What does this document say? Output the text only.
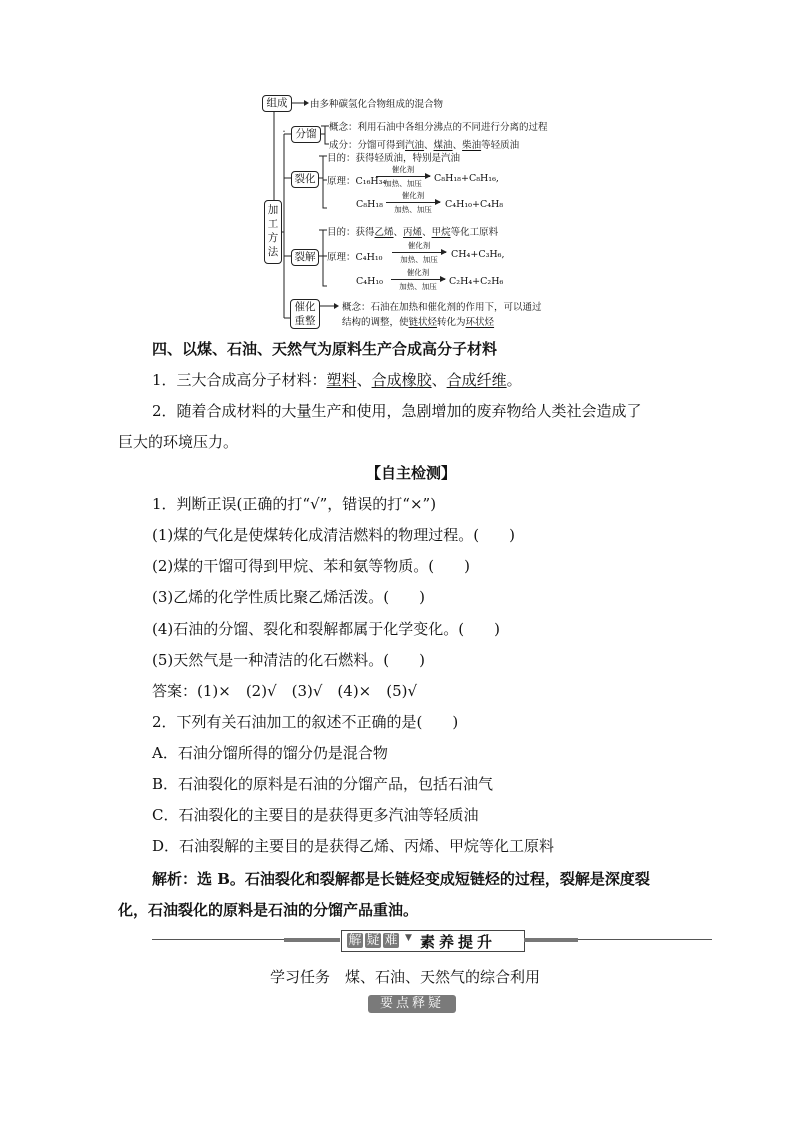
组成	由多种碳氢化合物组成的混合物
加工方法
分馏
概念：利用石油中各组分沸点的不同进行分离的过程
成分：分馏可得到汽油、煤油、柴油等轻质油
裂化
目的：获得轻质油，特别是汽油
原理：C₁₆H₃₄
催化剂
加热、加压	C₈H₁₈+C₈H₁₆,
C₈H₁₈
催化剂
加热、加压	C₄H₁₀+C₄H₈
裂解
目的：获得乙烯、丙烯、甲烷等化工原料
原理：C₄H₁₀
催化剂
加热、加压	CH₄+C₃H₆,
C₄H₁₀
催化剂
加热、加压	C₂H₄+C₂H₆
催化
重整
概念：石油在加热和催化剂的作用下，可以通过
结构的调整，使链状烃转化为环状烃
四、以煤、石油、天然气为原料生产合成高分子材料
1．三大合成高分子材料：塑料、合成橡胶、合成纤维。
2．随着合成材料的大量生产和使用，急剧增加的废弃物给人类社会造成了
巨大的环境压力。
【自主检测】
1．判断正误(正确的打“√”，错误的打“×”)
(1)煤的气化是使煤转化成清洁燃料的物理过程。(　　)
(2)煤的干馏可得到甲烷、苯和氨等物质。(　　)
(3)乙烯的化学性质比聚乙烯活泼。(　　)
(4)石油的分馏、裂化和裂解都属于化学变化。(　　)
(5)天然气是一种清洁的化石燃料。(　　)
答案：(1)×　(2)√　(3)√　(4)×　(5)√
2．下列有关石油加工的叙述不正确的是(　　)
A．石油分馏所得的馏分仍是混合物
B．石油裂化的原料是石油的分馏产品，包括石油气
C．石油裂化的主要目的是获得更多汽油等轻质油
D．石油裂解的主要目的是获得乙烯、丙烯、甲烷等化工原料
解析：选 B。石油裂化和裂解都是长链烃变成短链烃的过程，裂解是深度裂
化，石油裂化的原料是石油的分馏产品重油。
解 疑 难 ▼ 素养提升
学习任务　煤、石油、天然气的综合利用
要点释疑
